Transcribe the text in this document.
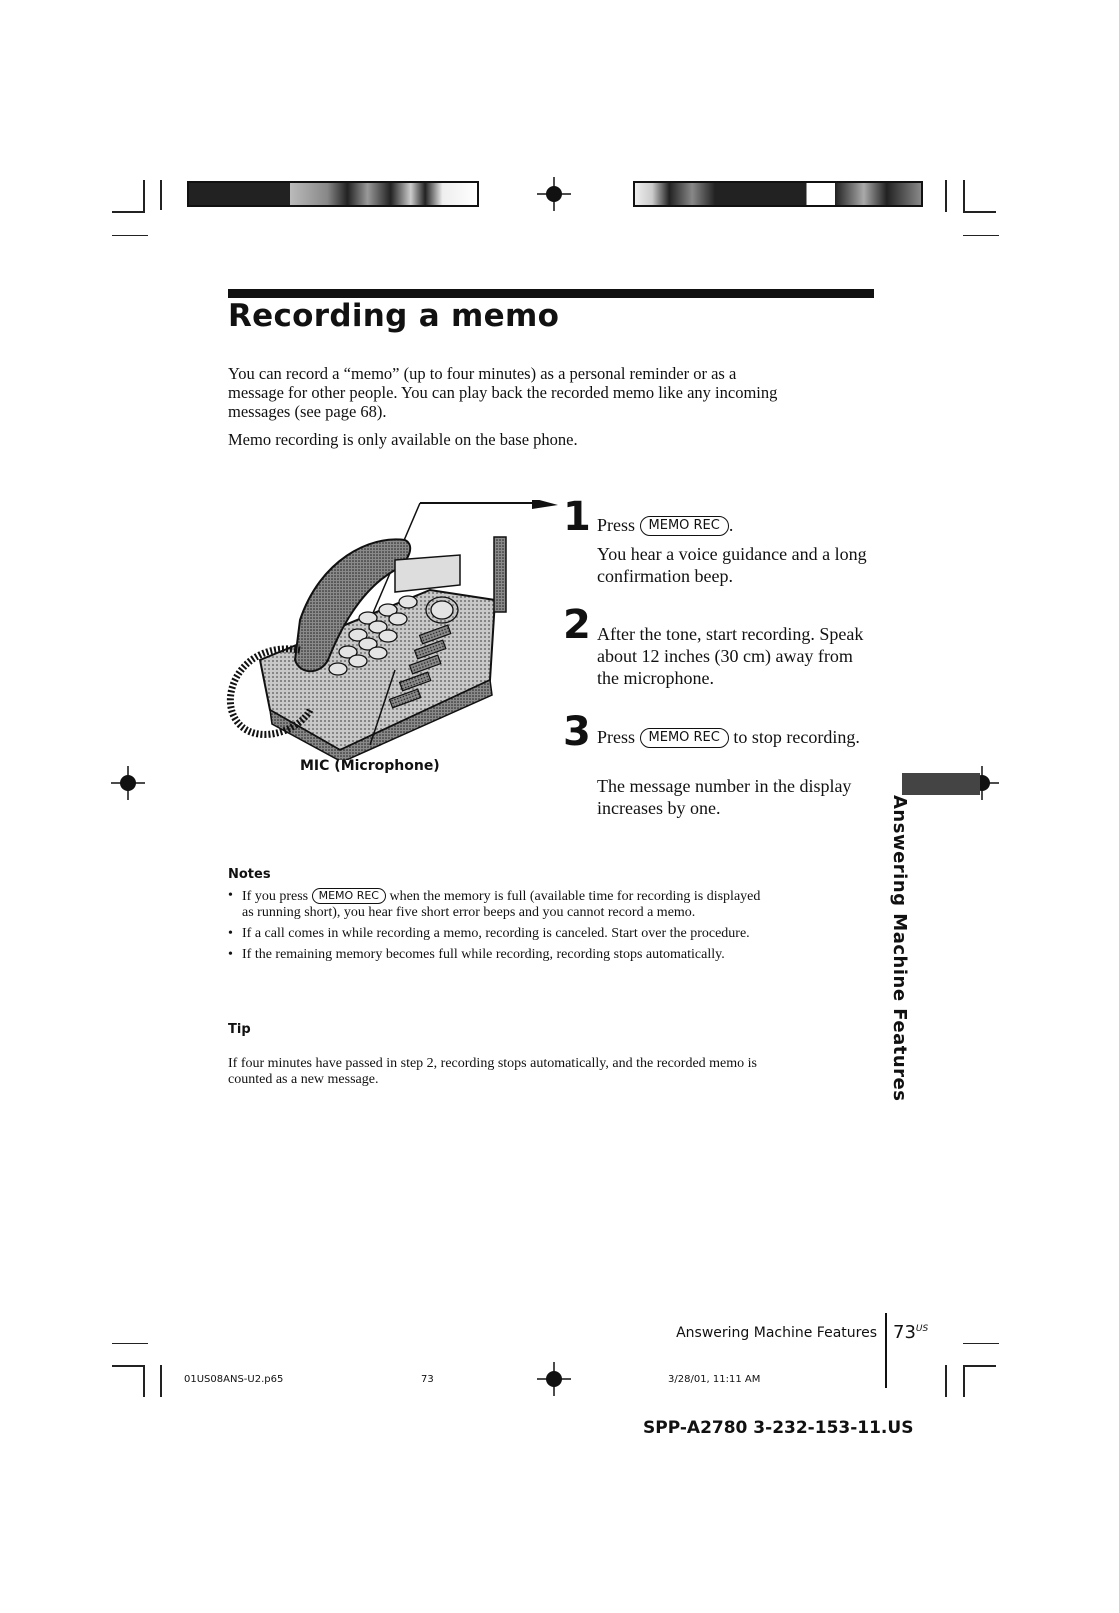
Recording a memo
You can record a “memo” (up to four minutes) as a personal reminder or as a message for other people. You can play back the recorded memo like any incoming messages (see page 68).
Memo recording is only available on the base phone.
MIC (Microphone)
1 Press MEMO REC .
You hear a voice guidance and a long confirmation beep.
2 After the tone, start recording. Speak about 12 inches (30 cm) away from the microphone.
3 Press MEMO REC to stop recording.
The message number in the display increases by one.
Notes
• If you press MEMO REC when the memory is full (available time for recording is displayed as running short), you hear five short error beeps and you cannot record a memo.
• If a call comes in while recording a memo, recording is canceled. Start over the procedure.
• If the remaining memory becomes full while recording, recording stops automatically.
Tip
If four minutes have passed in step 2, recording stops automatically, and the recorded memo is counted as a new message.	Answering Machine Features
Answering Machine Features $73^{US}$
01US08ANS-U2.p65	73	3/28/01, 11:11 AM
SPP-A2780 3-232-153-11.US
